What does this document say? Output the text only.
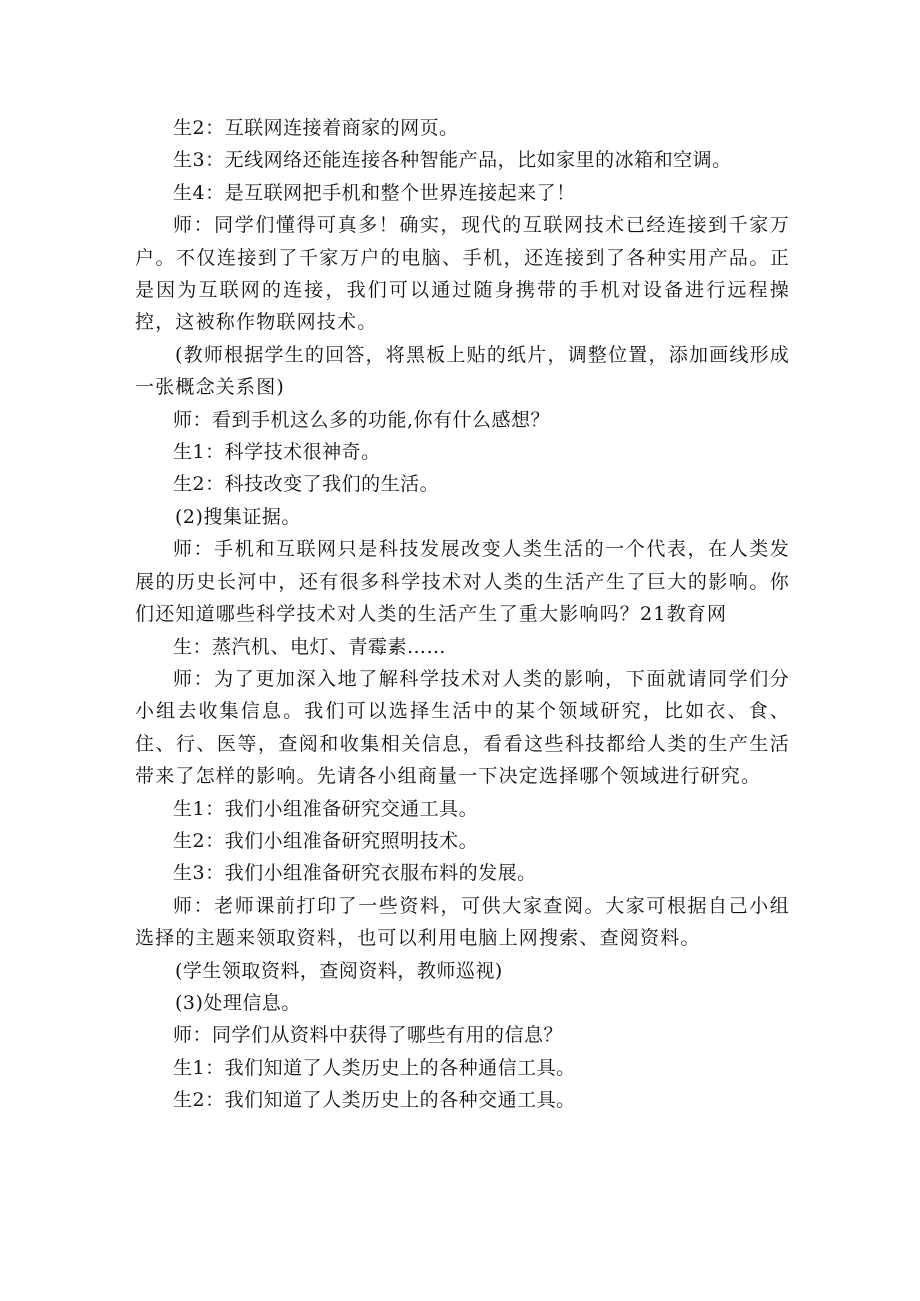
生2：互联网连接着商家的网页。

生3：无线网络还能连接各种智能产品，比如家里的冰箱和空调。

生4：是互联网把手机和整个世界连接起来了！

师：同学们懂得可真多！确实，现代的互联网技术已经连接到千家万户。不仅连接到了千家万户的电脑、手机，还连接到了各种实用产品。正是因为互联网的连接，我们可以通过随身携带的手机对设备进行远程操控，这被称作物联网技术。

(教师根据学生的回答，将黑板上贴的纸片，调整位置，添加画线形成一张概念关系图)

师：看到手机这么多的功能,你有什么感想？

生1：科学技术很神奇。

生2：科技改变了我们的生活。

(2)搜集证据。

师：手机和互联网只是科技发展改变人类生活的一个代表，在人类发展的历史长河中，还有很多科学技术对人类的生活产生了巨大的影响。你们还知道哪些科学技术对人类的生活产生了重大影响吗？21教育网

生：蒸汽机、电灯、青霉素……

师：为了更加深入地了解科学技术对人类的影响，下面就请同学们分小组去收集信息。我们可以选择生活中的某个领域研究，比如衣、食、住、行、医等，查阅和收集相关信息，看看这些科技都给人类的生产生活带来了怎样的影响。先请各小组商量一下决定选择哪个领域进行研究。

生1：我们小组准备研究交通工具。

生2：我们小组准备研究照明技术。

生3：我们小组准备研究衣服布料的发展。

师：老师课前打印了一些资料，可供大家查阅。大家可根据自己小组选择的主题来领取资料，也可以利用电脑上网搜索、查阅资料。

(学生领取资料，查阅资料，教师巡视)

(3)处理信息。

师：同学们从资料中获得了哪些有用的信息？

生1：我们知道了人类历史上的各种通信工具。

生2：我们知道了人类历史上的各种交通工具。
